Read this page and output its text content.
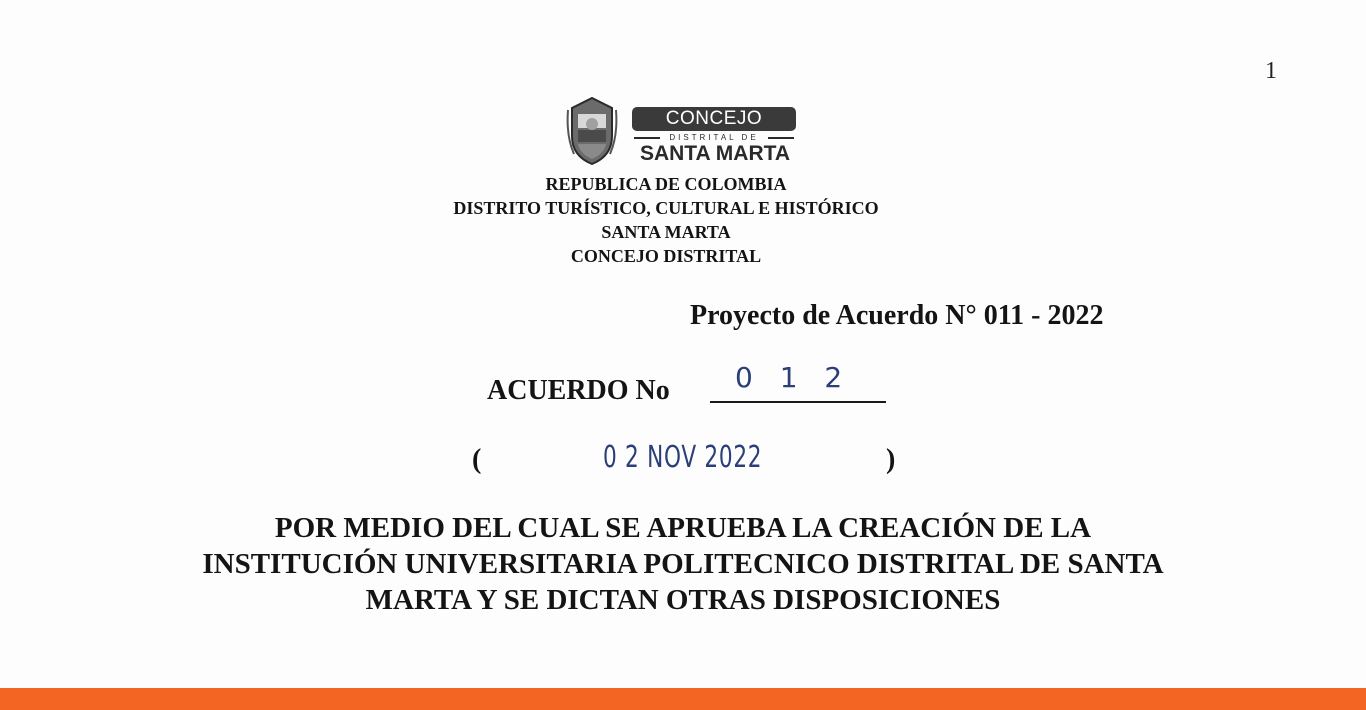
1
CONCEJO
DISTRITAL DE
SANTA MARTA
REPUBLICA DE COLOMBIA
DISTRITO TURÍSTICO, CULTURAL E HISTÓRICO
SANTA MARTA
CONCEJO DISTRITAL
Proyecto de Acuerdo N° 011 - 2022
ACUERDO No 0 1 2
(	0 2 NOV 2022	)
POR MEDIO DEL CUAL SE APRUEBA LA CREACIÓN DE LA
INSTITUCIÓN UNIVERSITARIA POLITECNICO DISTRITAL DE SANTA
MARTA Y SE DICTAN OTRAS DISPOSICIONES
